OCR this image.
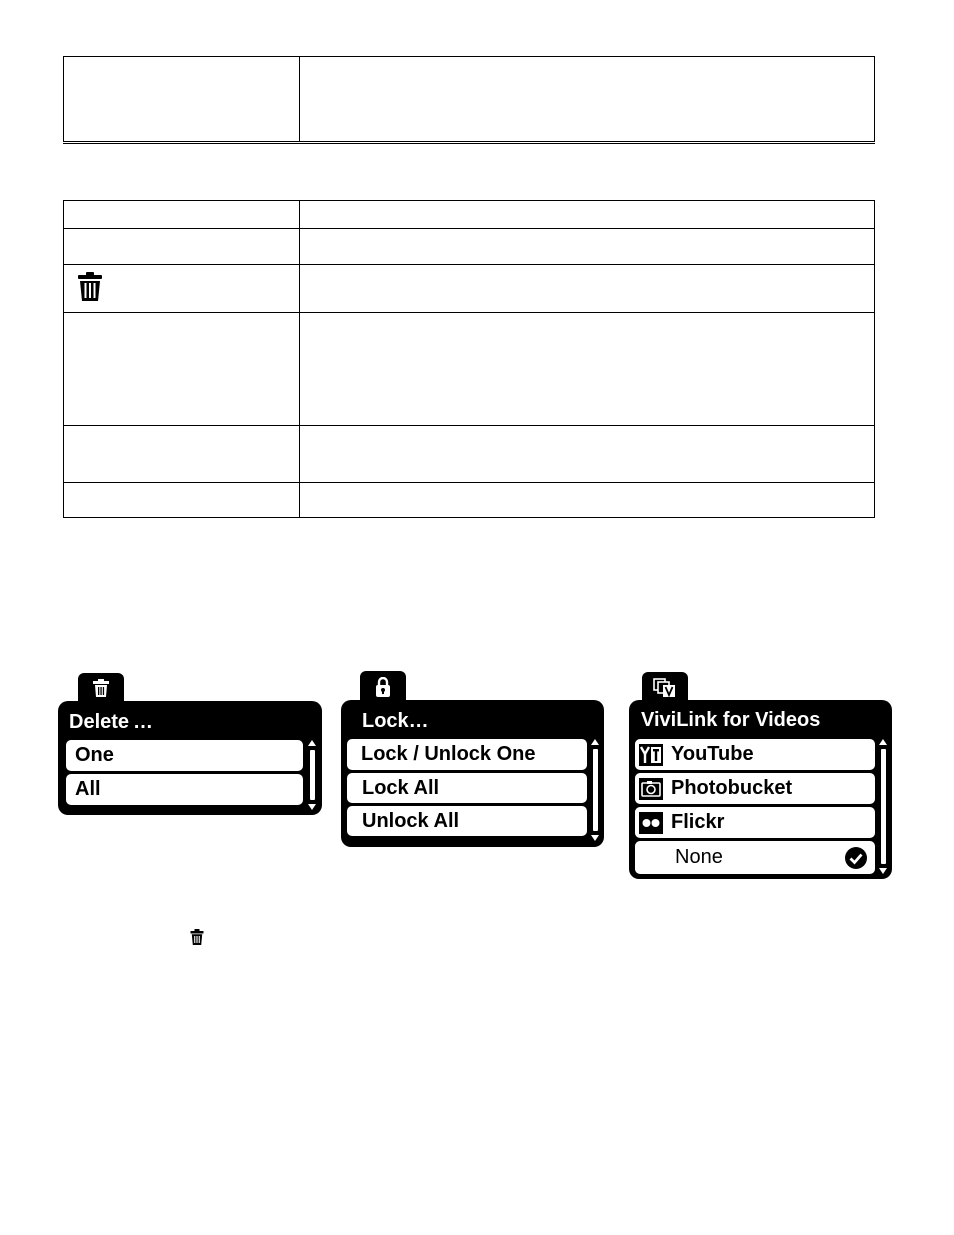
Delete …
One
All
Lock…
Lock / Unlock One
Lock All
Unlock All
ViviLink for Videos
YouTube
Photobucket
Flickr
None
